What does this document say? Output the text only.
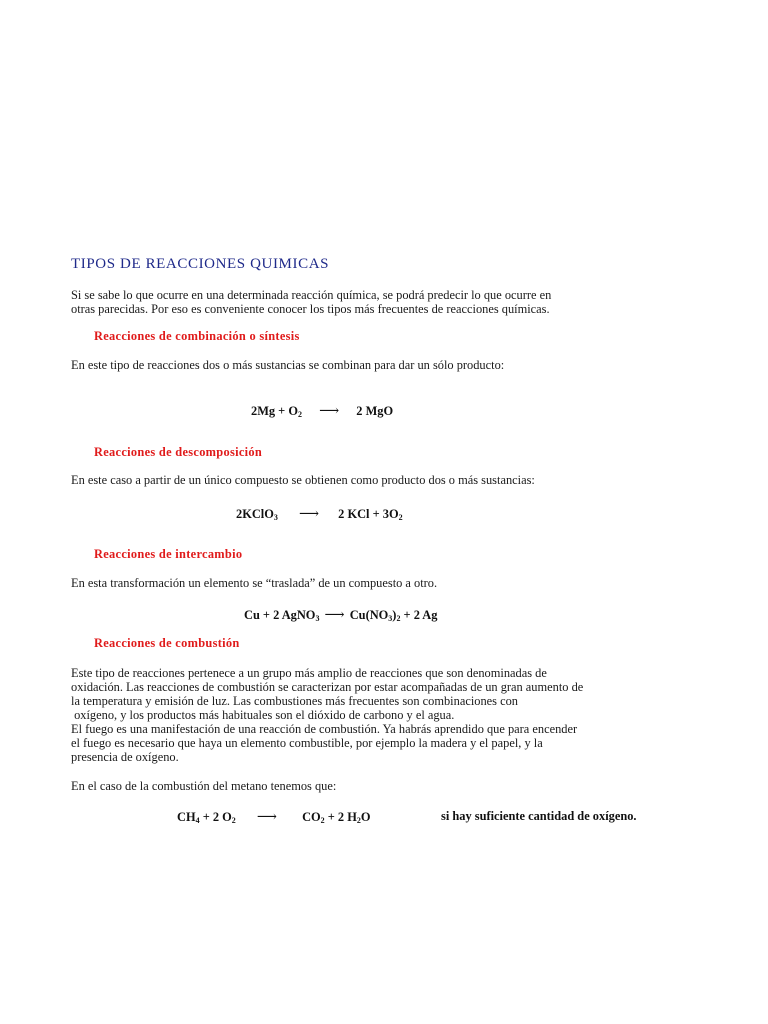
TIPOS DE REACCIONES QUIMICAS

Si se sabe lo que ocurre en una determinada reacción química, se podrá predecir lo que ocurre en

otras parecidas. Por eso es conveniente conocer los tipos más frecuentes de reacciones químicas.

Reacciones de combinación o síntesis
En este tipo de reacciones dos o más sustancias se combinan para dar un sólo producto:
$2Mg + O_2$ ⟶ 2 MgO
Reacciones de descomposición
En este caso a partir de un único compuesto se obtienen como producto dos o más sustancias:
2KClO$_3$ ⟶ 2 KCl + $3O_2$
Reacciones de intercambio
En esta transformación un elemento se “traslada” de un compuesto a otro.
Cu + 2 AgNO$_3$ ⟶ $Cu(NO_3)_2 + 2$ Ag
Reacciones de combustión

Este tipo de reacciones pertenece a un grupo más amplio de reacciones que son denominadas de

oxidación. Las reacciones de combustión se caracterizan por estar acompañadas de un gran aumento de

la temperatura y emisión de luz. Las combustiones más frecuentes son combinaciones con

oxígeno, y los productos más habituales son el dióxido de carbono y el agua.

El fuego es una manifestación de una reacción de combustión. Ya habrás aprendido que para encender

el fuego es necesario que haya un elemento combustible, por ejemplo la madera y el papel, y la

presencia de oxígeno.

En el caso de la combustión del metano tenemos que:
$CH_4 + 2$ $O_2$ ⟶ $CO_2 + 2$ $H_2O$	si hay suficiente cantidad de oxígeno.
